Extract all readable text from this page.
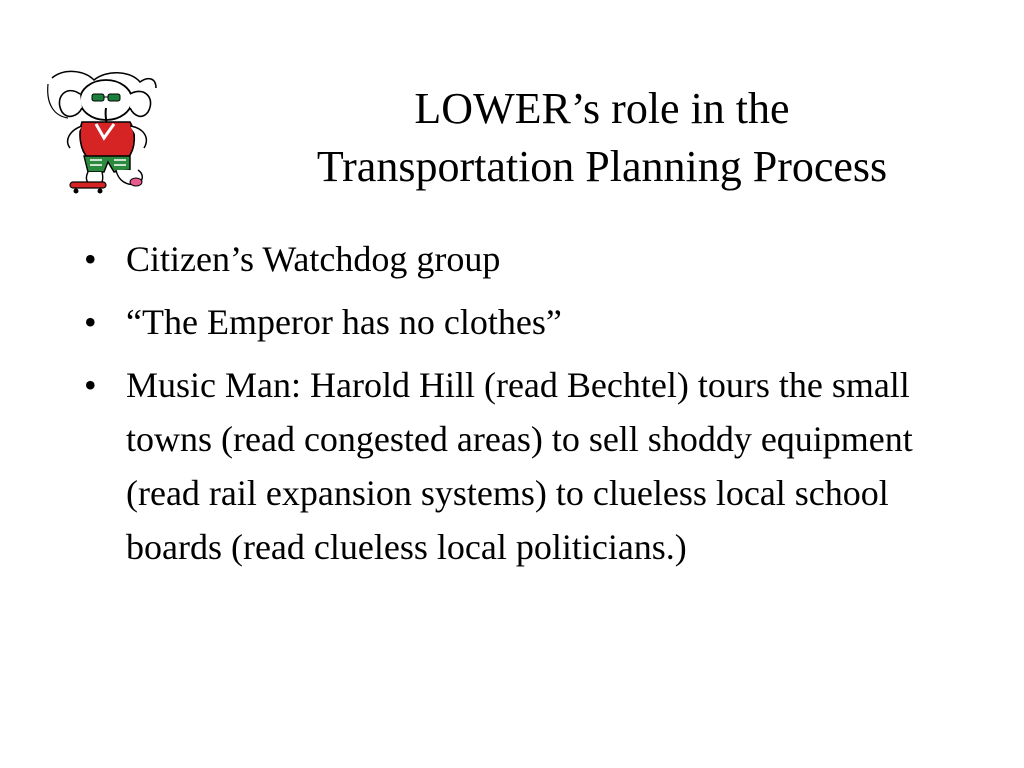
LOWER’s role in the
Transportation Planning Process
• Citizen’s Watchdog group
• “The Emperor has no clothes”
• Music Man: Harold Hill (read Bechtel) tours the small towns (read congested areas) to sell shoddy equipment (read rail expansion systems) to clueless local school boards (read clueless local politicians.)
